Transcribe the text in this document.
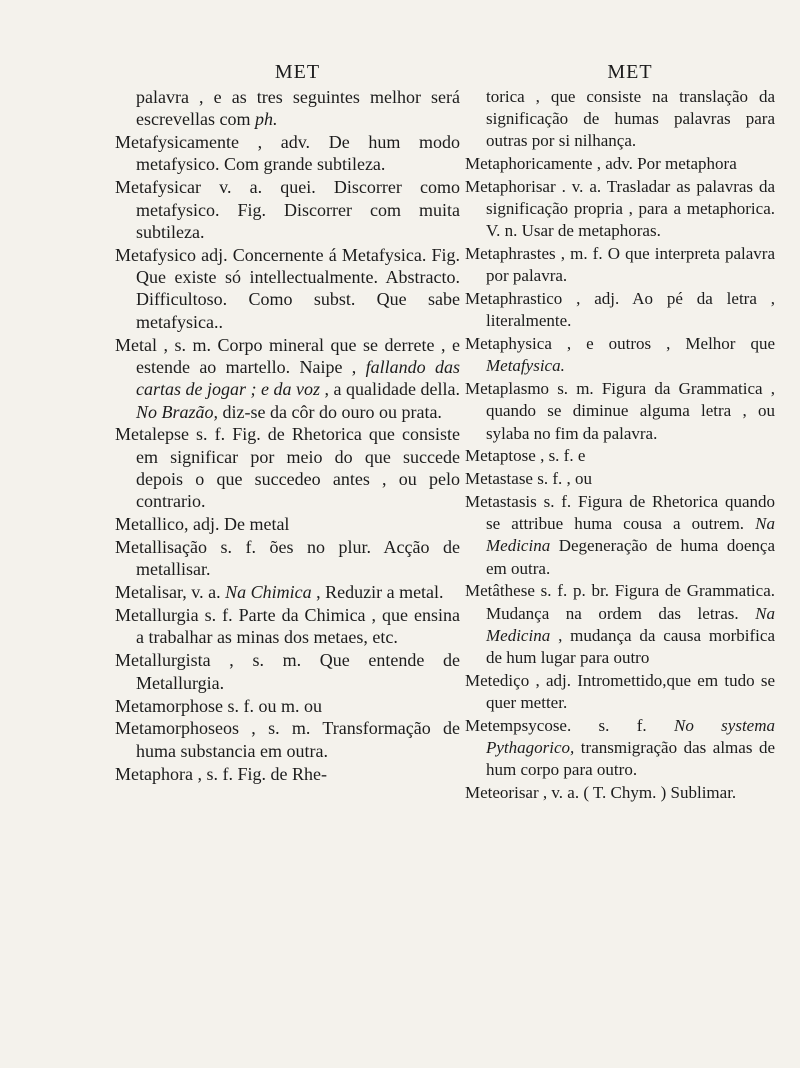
MET

palavra , e as tres seguintes melhor será escrevellas com ph.

Metafysicamente , adv. De hum modo metafysico. Com grande subtileza.

Metafysicar v. a. quei. Discorrer como metafysico. Fig. Discorrer com muita subtileza.

Metafysico adj. Concernente á Metafysica. Fig. Que existe só intellectualmente. Abstracto. Difficultoso. Como subst. Que sabe metafysica..

Metal , s. m. Corpo mineral que se derrete , e estende ao martello. Naipe , fallando das cartas de jogar ; e da voz , a qualidade della. No Brazão, diz-se da côr do ouro ou prata.

Metalepse s. f. Fig. de Rhetorica que consiste em significar por meio do que succede depois o que succedeo antes , ou pelo contrario.

Metallico, adj. De metal

Metallisação s. f. ões no plur. Acção de metallisar.

Metalisar, v. a. Na Chimica , Reduzir a metal.

Metallurgia s. f. Parte da Chimica , que ensina a trabalhar as minas dos metaes, etc.

Metallurgista , s. m. Que entende de Metallurgia.

Metamorphose s. f. ou m. ou

Metamorphoseos , s. m. Transformação de huma substancia em outra.

Metaphora , s. f. Fig. de Rhe-

MET

torica , que consiste na translação da significação de humas palavras para outras por si nilhança.

Metaphoricamente , adv. Por metaphora

Metaphorisar . v. a. Trasladar as palavras da significação propria , para a metaphorica. V. n. Usar de metaphoras.

Metaphrastes , m. f. O que interpreta palavra por palavra.

Metaphrastico , adj. Ao pé da letra , literalmente.

Metaphysica , e outros , Melhor que Metafysica.

Metaplasmo s. m. Figura da Grammatica , quando se diminue alguma letra , ou sylaba no fim da palavra.

Metaptose , s. f. e

Metastase s. f. , ou

Metastasis s. f. Figura de Rhetorica quando se attribue huma cousa a outrem. Na Medicina Degeneração de huma doença em outra.

Metâthese s. f. p. br. Figura de Grammatica. Mudança na ordem das letras. Na Medicina , mudança da causa morbifica de hum lugar para outro

Metediço , adj. Intromettido,que em tudo se quer metter.

Metempsycose. s. f. No systema Pythagorico, transmigração das almas de hum corpo para outro.

Meteorisar , v. a. ( T. Chym. ) Sublimar.
